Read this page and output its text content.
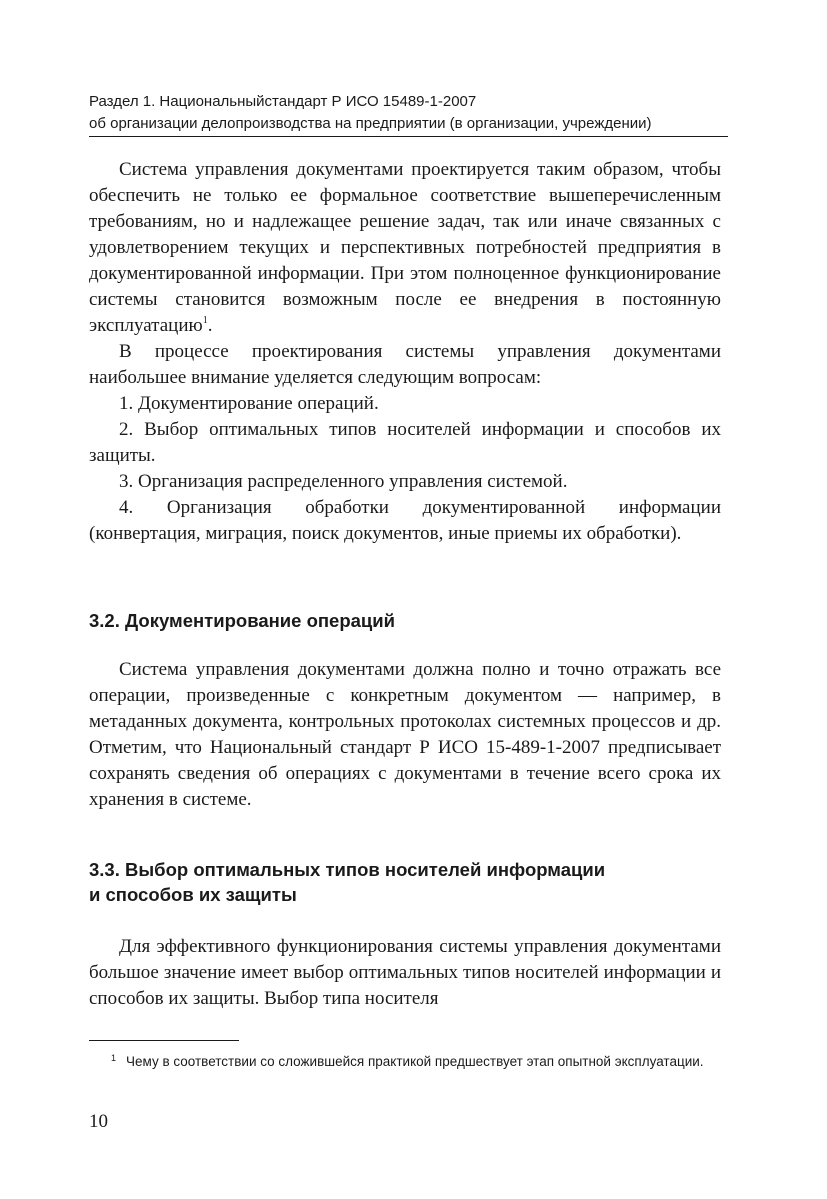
Раздел 1. Национальныйстандарт Р ИСО 15489-1-2007
об организации делопроизводства на предприятии (в организации, учреждении)

Система управления документами проектируется таким образом, чтобы обеспечить не только ее формальное соответствие вышеперечисленным требованиям, но и надлежащее решение задач, так или иначе связанных с удовлетворением текущих и перспективных потребностей предприятия в документированной информации. При этом полноценное функционирование системы становится возможным после ее внедрения в постоянную эксплуатацию$^1$.

В процессе проектирования системы управления документами наибольшее внимание уделяется следующим вопросам:

1. Документирование операций.

2. Выбор оптимальных типов носителей информации и способов их защиты.

3. Организация распределенного управления системой.

4. Организация обработки документированной информации (конвертация, миграция, поиск документов, иные приемы их обработки).

3.2. Документирование операций

Система управления документами должна полно и точно отражать все операции, произведенные с конкретным документом — например, в метаданных документа, контрольных протоколах системных процессов и др. Отметим, что Национальный стандарт Р ИСО 15-489-1-2007 предписывает сохранять сведения об операциях с документами в течение всего срока их хранения в системе.

3.3. Выбор оптимальных типов носителей информации
и способов их защиты

Для эффективного функционирования системы управления документами большое значение имеет выбор оптимальных типов носителей информации и способов их защиты. Выбор типа носителя

$^1$ Чему в соответствии со сложившейся практикой предшествует этап опытной эксплуатации.
10
